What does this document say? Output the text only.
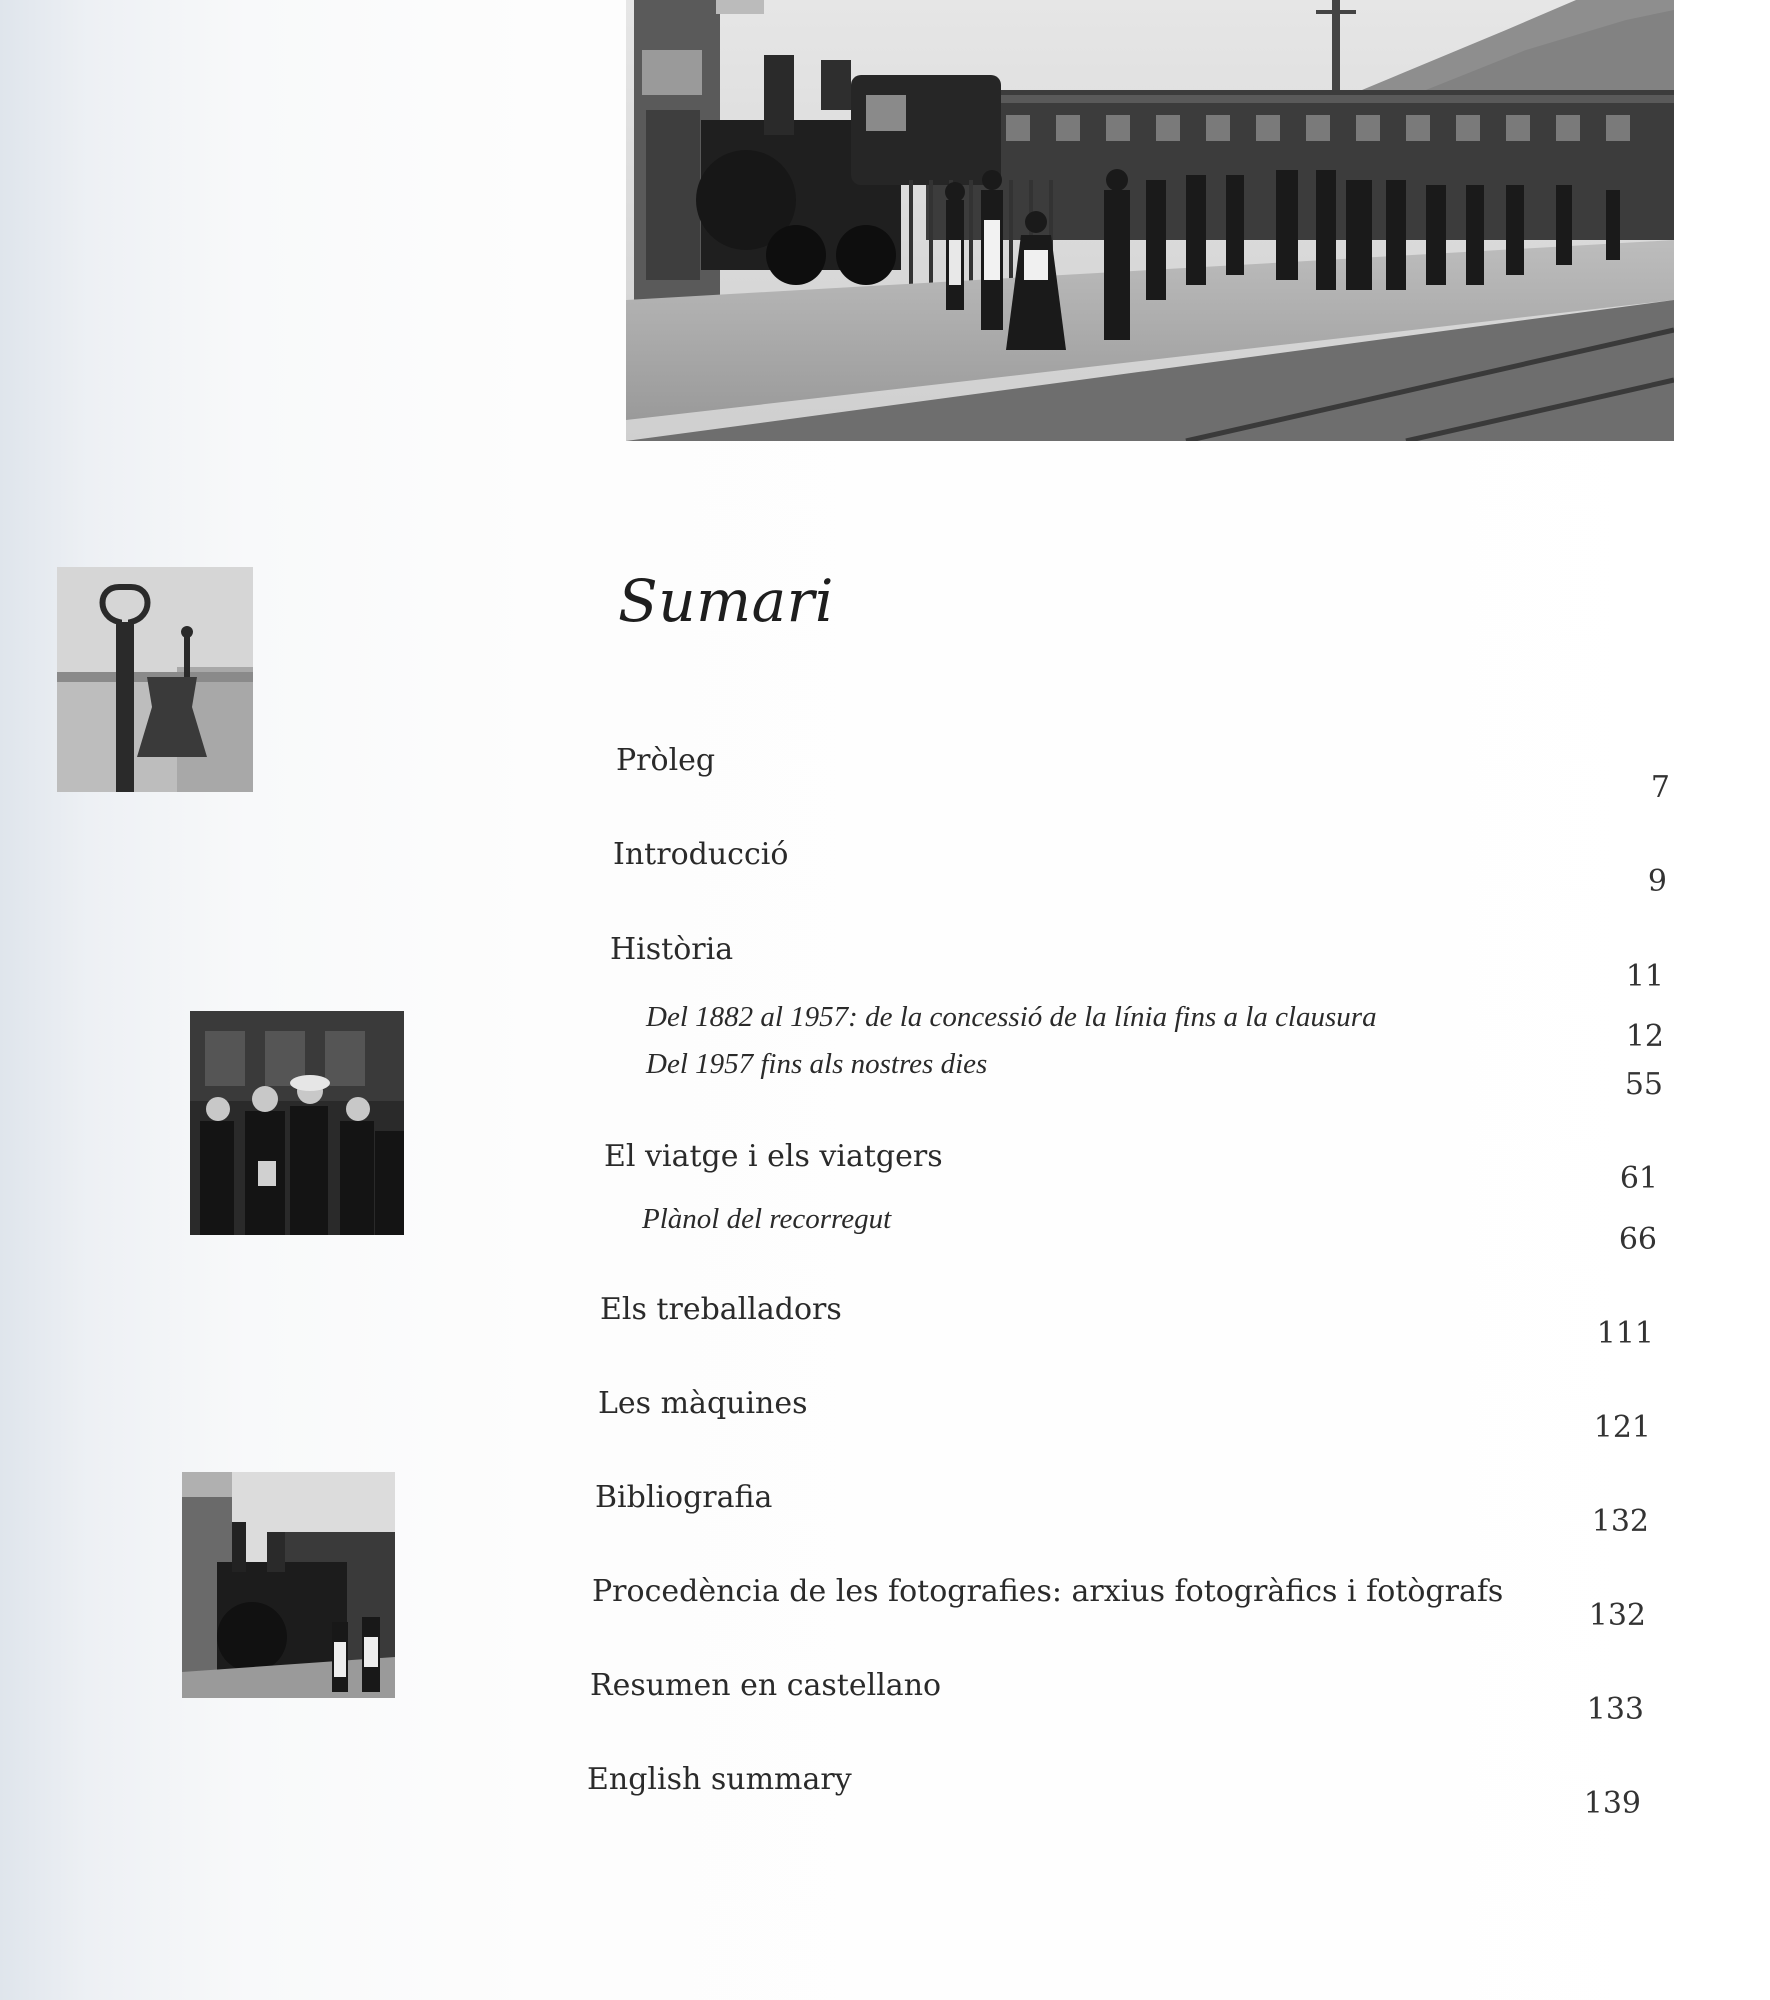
Sumari
Pròleg
7
Introducció
9
Història
11
Del 1882 al 1957: de la concessió de la línia fins a la clausura
12
Del 1957 fins als nostres dies
55
El viatge i els viatgers
61
Plànol del recorregut
66
Els treballadors
111
Les màquines
121
Bibliografia
132
Procedència de les fotografies: arxius fotogràfics i fotògrafs
132
Resumen en castellano
133
English summary
139
